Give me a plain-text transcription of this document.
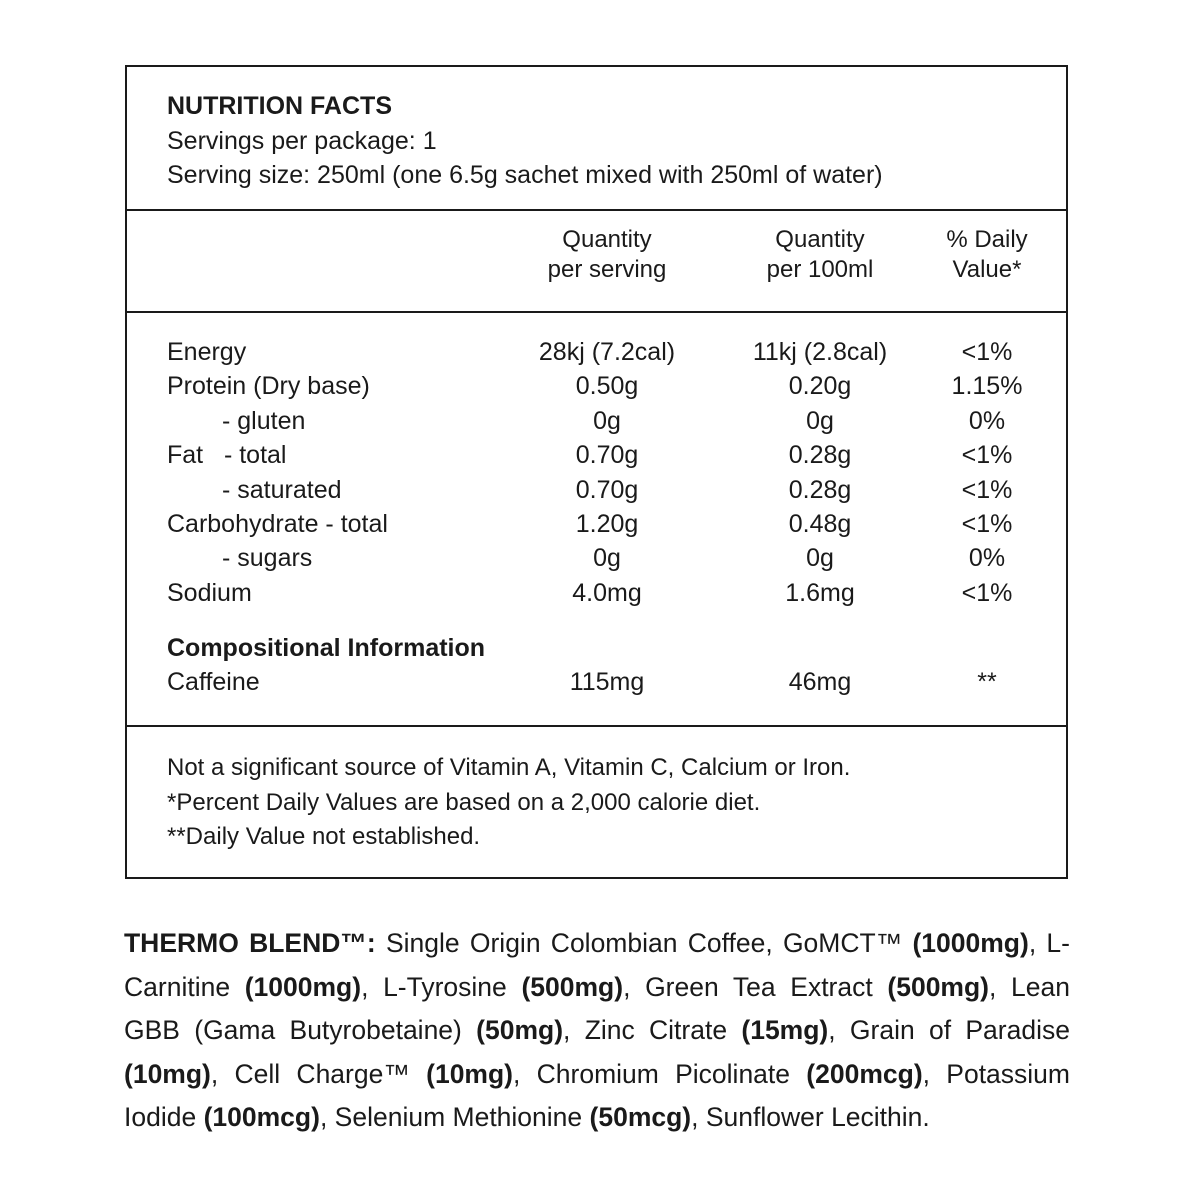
NUTRITION FACTS
Servings per package: 1
Serving size: 250ml (one 6.5g sachet mixed with 250ml of water)
Quantity
per serving
Quantity
per 100ml
% Daily
Value*
Energy	28kj (7.2cal)	11kj (2.8cal)	<1%
Protein (Dry base)	0.50g	0.20g	1.15%
- gluten	0g	0g	0%
Fat   - total	0.70g	0.28g	<1%
- saturated	0.70g	0.28g	<1%
Carbohydrate - total	1.20g	0.48g	<1%
- sugars	0g	0g	0%
Sodium	4.0mg	1.6mg	<1%
Compositional Information
Caffeine	115mg	46mg	**
Not a significant source of Vitamin A, Vitamin C, Calcium or Iron.
*Percent Daily Values are based on a 2,000 calorie diet.
**Daily Value not established.
THERMO BLEND™: Single Origin Colombian Coffee, GoMCT™ (1000mg), L-Carnitine (1000mg), L-Tyrosine (500mg), Green Tea Extract (500mg), Lean GBB (Gama Butyrobetaine) (50mg), Zinc Citrate (15mg), Grain of Paradise (10mg), Cell Charge™ (10mg), Chromium Picolinate (200mcg), Potassium Iodide (100mcg), Selenium Methionine (50mcg), Sunflower Lecithin.
